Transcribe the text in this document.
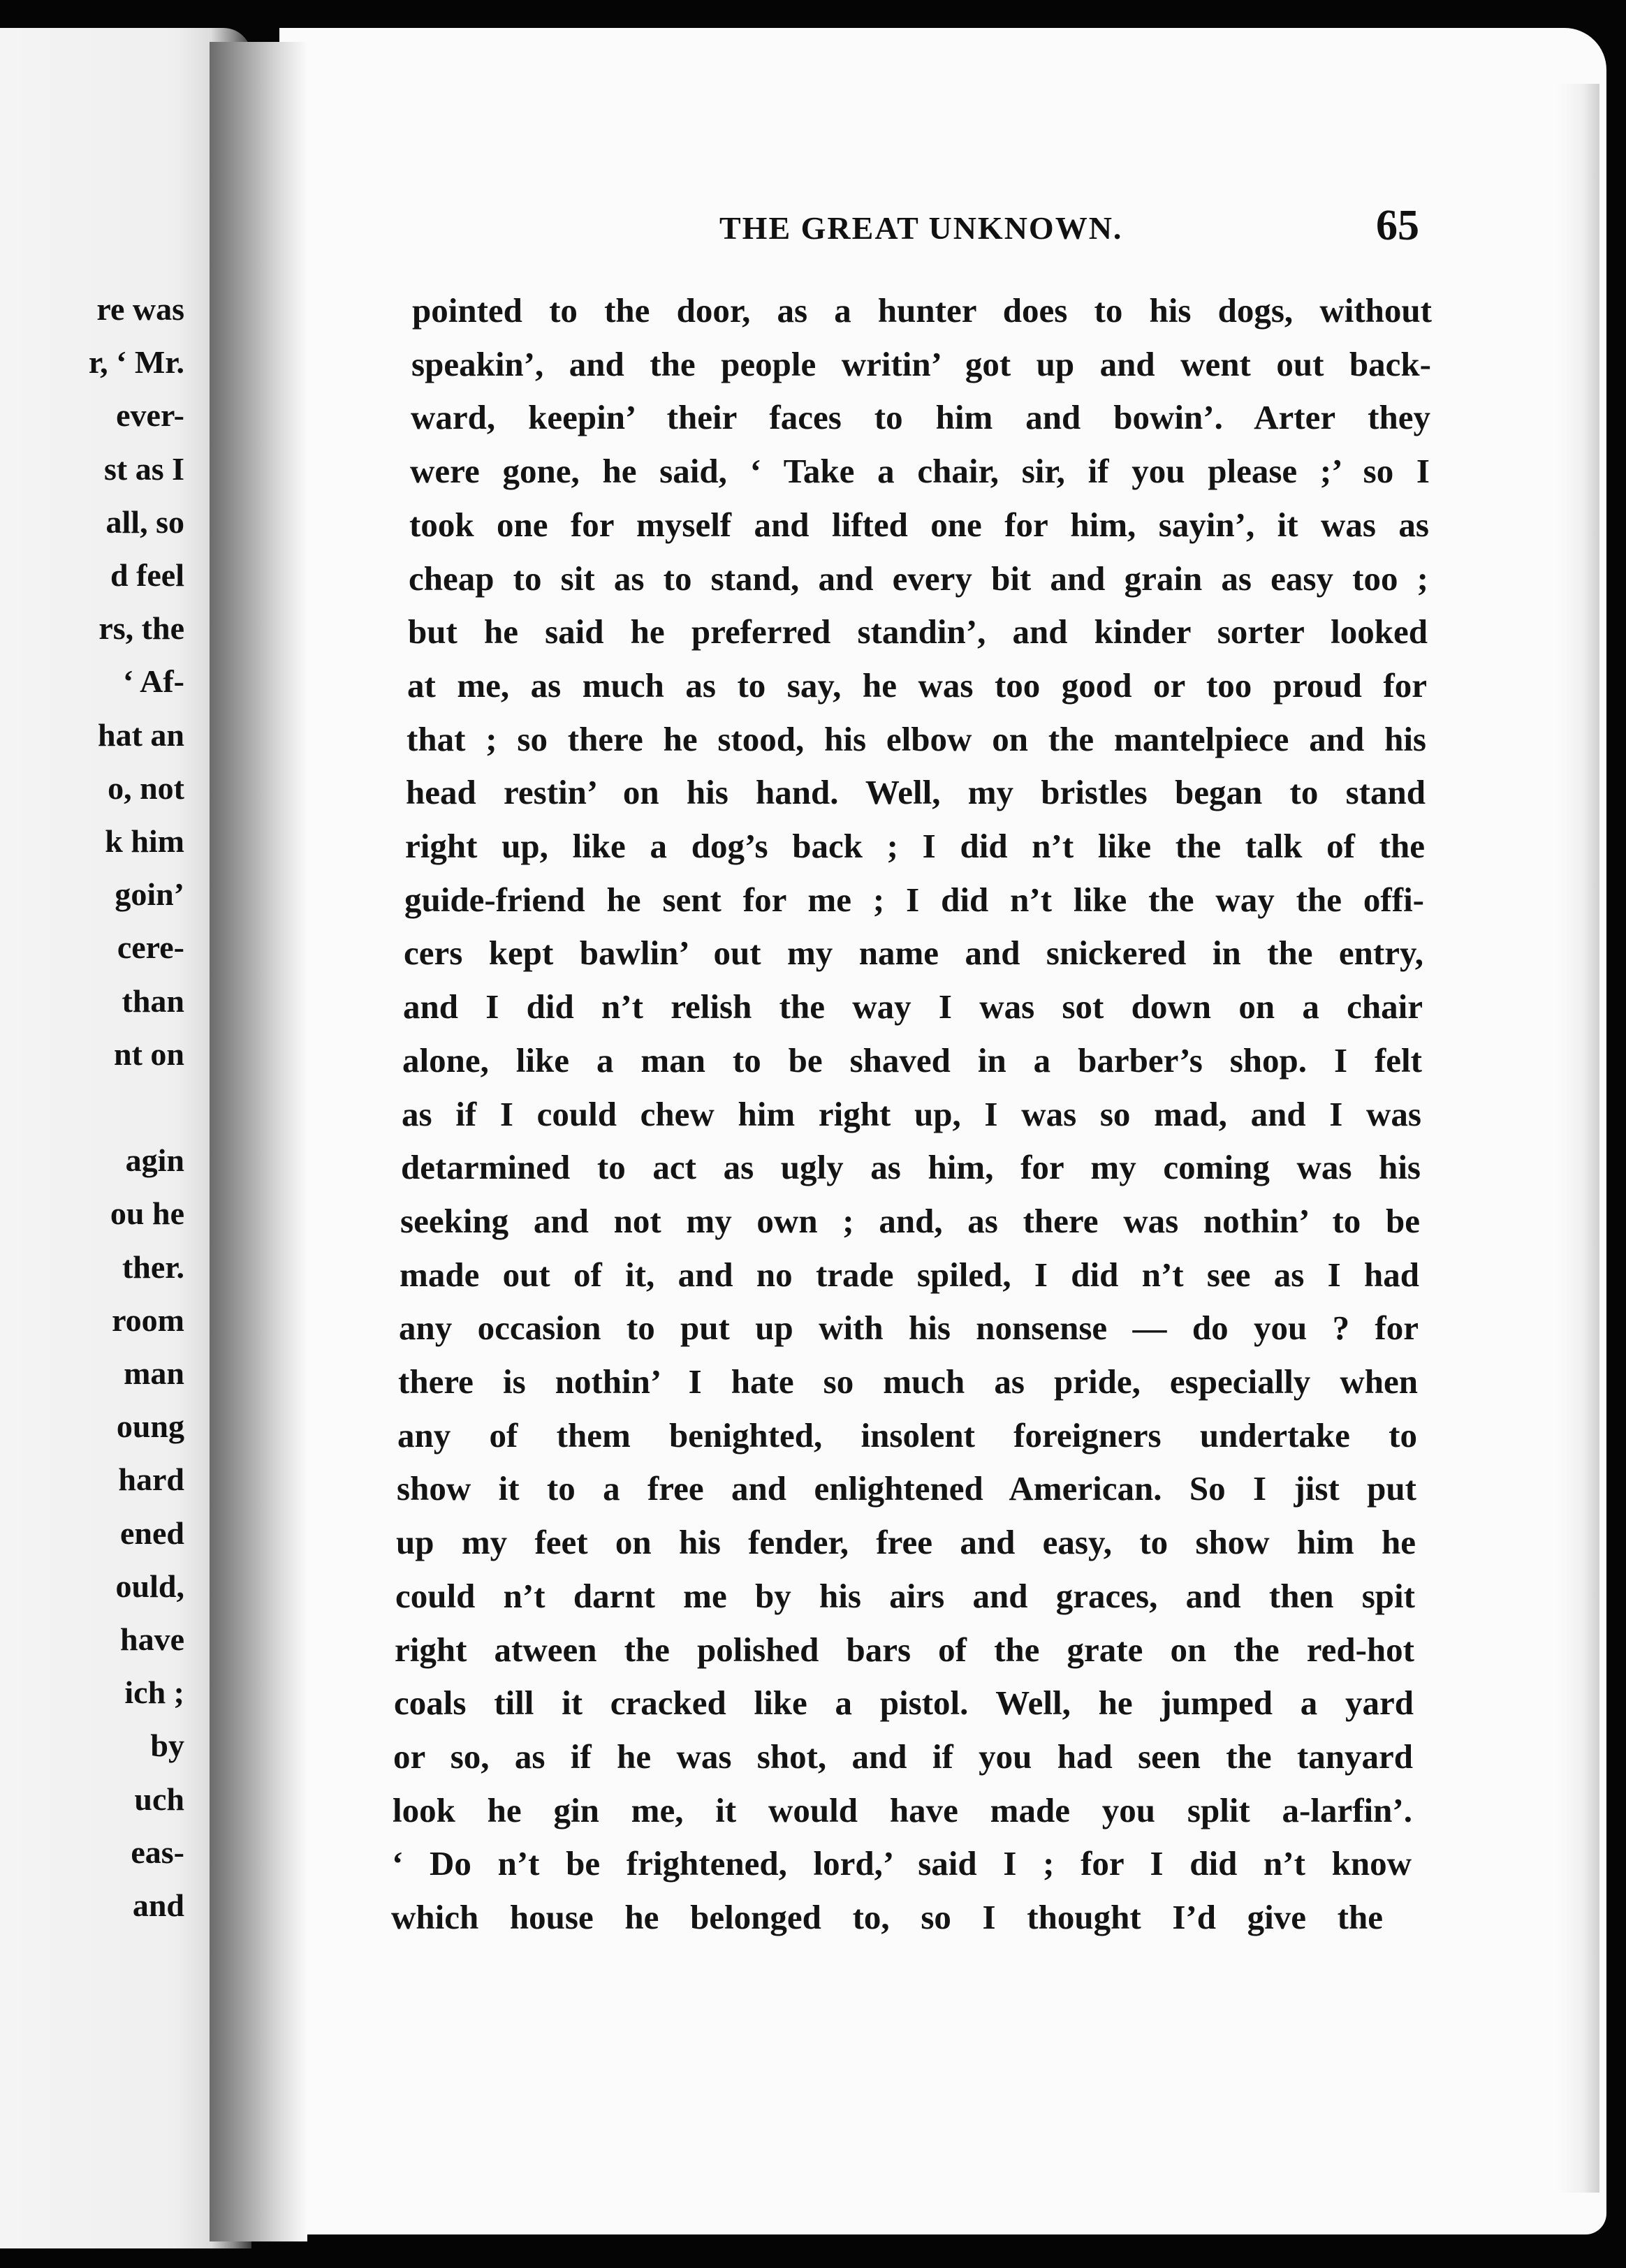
re was
r, ‘ Mr.
ever-
st as I
all, so
d feel
rs, the
‘ Af-
hat an
o, not
k him
goin’
cere-
than
nt on
agin
ou he
ther.
room
man
oung
hard
ened
ould,
have
ich ;
by
uch
eas-
and
THE GREAT UNKNOWN.	65
pointed to the door, as a hunter does to his dogs, without
speakin’, and the people writin’ got up and went out back-
ward, keepin’ their faces to him and bowin’. Arter they
were gone, he said, ‘ Take a chair, sir, if you please ;’ so I
took one for myself and lifted one for him, sayin’, it was as
cheap to sit as to stand, and every bit and grain as easy too ;
but he said he preferred standin’, and kinder sorter looked
at me, as much as to say, he was too good or too proud for
that ; so there he stood, his elbow on the mantelpiece and his
head restin’ on his hand. Well, my bristles began to stand
right up, like a dog’s back ; I did n’t like the talk of the
guide-friend he sent for me ; I did n’t like the way the offi-
cers kept bawlin’ out my name and snickered in the entry,
and I did n’t relish the way I was sot down on a chair
alone, like a man to be shaved in a barber’s shop. I felt
as if I could chew him right up, I was so mad, and I was
detarmined to act as ugly as him, for my coming was his
seeking and not my own ; and, as there was nothin’ to be
made out of it, and no trade spiled, I did n’t see as I had
any occasion to put up with his nonsense — do you ? for
there is nothin’ I hate so much as pride, especially when
any of them benighted, insolent foreigners undertake to
show it to a free and enlightened American. So I jist put
up my feet on his fender, free and easy, to show him he
could n’t darnt me by his airs and graces, and then spit
right atween the polished bars of the grate on the red-hot
coals till it cracked like a pistol. Well, he jumped a yard
or so, as if he was shot, and if you had seen the tanyard
look he gin me, it would have made you split a-larfin’.
‘ Do n’t be frightened, lord,’ said I ; for I did n’t know
which house he belonged to, so I thought I’d give the
